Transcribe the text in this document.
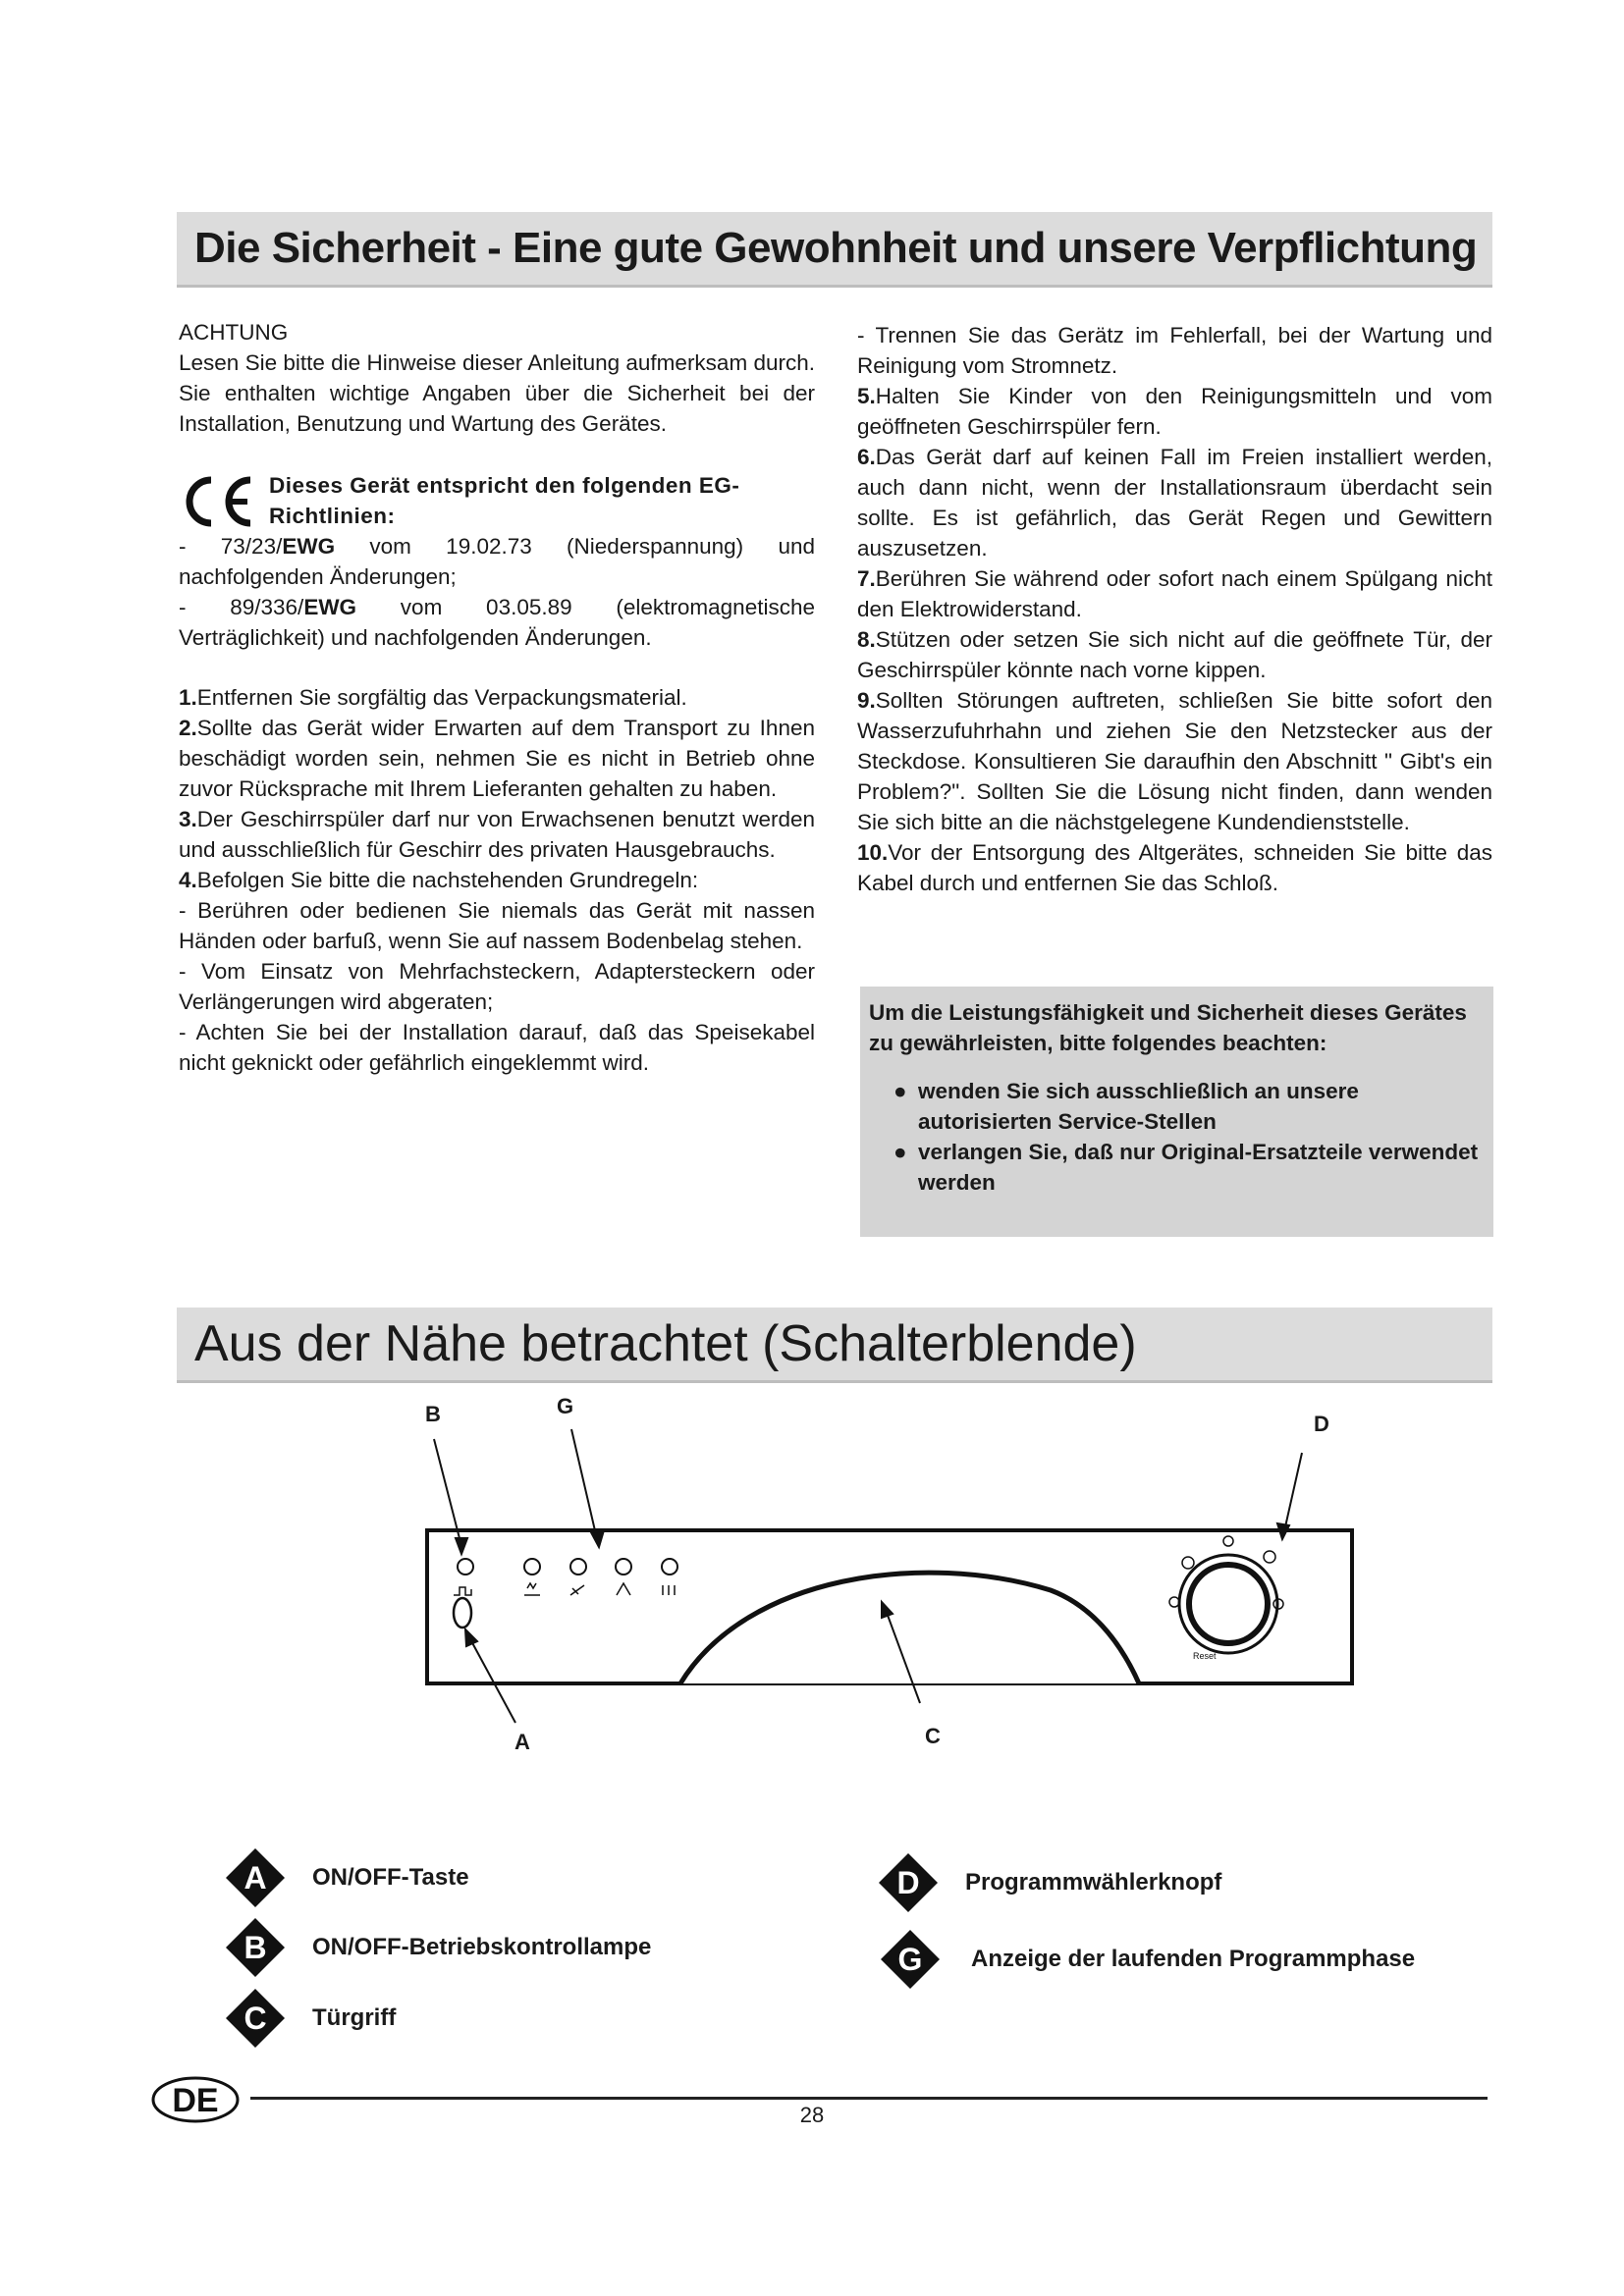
Die Sicherheit - Eine gute Gewohnheit und unsere Verpflichtung

ACHTUNG

Lesen Sie bitte die Hinweise dieser Anleitung aufmerksam durch. Sie enthalten wichtige Angaben über die Sicherheit bei der Installation, Benutzung und Wartung des Gerätes.

Dieses Gerät entspricht den folgenden EG-Richtlinien:

- 73/23/EWG vom 19.02.73 (Niederspannung) und nachfolgenden Änderungen;

- 89/336/EWG vom 03.05.89 (elektromagnetische Verträglichkeit) und nachfolgenden Änderungen.

1.Entfernen Sie sorgfältig das Verpackungsmaterial.

2.Sollte das Gerät wider Erwarten auf dem Transport zu Ihnen beschädigt worden sein, nehmen Sie es nicht in Betrieb ohne zuvor Rücksprache mit Ihrem Lieferanten gehalten zu haben.

3.Der Geschirrspüler darf nur von Erwachsenen benutzt werden und ausschließlich für Geschirr des privaten Hausgebrauchs.

4.Befolgen Sie bitte die nachstehenden Grundregeln:

- Berühren oder bedienen Sie niemals das Gerät mit nassen Händen oder barfuß, wenn Sie auf nassem Bodenbelag stehen.

- Vom Einsatz von Mehrfachsteckern, Adaptersteckern oder Verlängerungen wird abgeraten;

- Achten Sie bei der Installation darauf, daß das Speisekabel nicht geknickt oder gefährlich eingeklemmt wird.

- Trennen Sie das Gerätz im Fehlerfall, bei der Wartung und Reinigung vom Stromnetz.

5.Halten Sie Kinder von den Reinigungsmitteln und vom geöffneten Geschirrspüler fern.

6.Das Gerät darf auf keinen Fall im Freien installiert werden, auch dann nicht, wenn der Installationsraum überdacht sein sollte. Es ist gefährlich, das Gerät Regen und Gewittern auszusetzen.

7.Berühren Sie während oder sofort nach einem Spülgang nicht den Elektrowiderstand.

8.Stützen oder setzen Sie sich nicht auf die geöffnete Tür, der Geschirrspüler könnte nach vorne kippen.

9.Sollten Störungen auftreten, schließen Sie bitte sofort den Wasserzufuhrhahn und ziehen Sie den Netzstecker aus der Steckdose. Konsultieren Sie daraufhin den Abschnitt " Gibt's ein Problem?". Sollten Sie die Lösung nicht finden, dann wenden Sie sich bitte an die nächstgelegene Kundendienststelle.

10.Vor der Entsorgung des Altgerätes, schneiden Sie bitte das Kabel durch und entfernen Sie das Schloß.

Um die Leistungsfähigkeit und Sicherheit dieses Gerätes zu gewährleisten, bitte folgendes beachten:
● wenden Sie sich ausschließlich an unsere autorisierten Service-Stellen
● verlangen Sie, daß nur Original-Ersatzteile verwendet werden
Aus der Nähe betrachtet (Schalterblende)
Reset
B	G
D
A	C
A ON/OFF-Taste
B ON/OFF-Betriebskontrollampe
C Türgriff
D Programmwählerknopf
G Anzeige der laufenden Programmphase
DE	28
